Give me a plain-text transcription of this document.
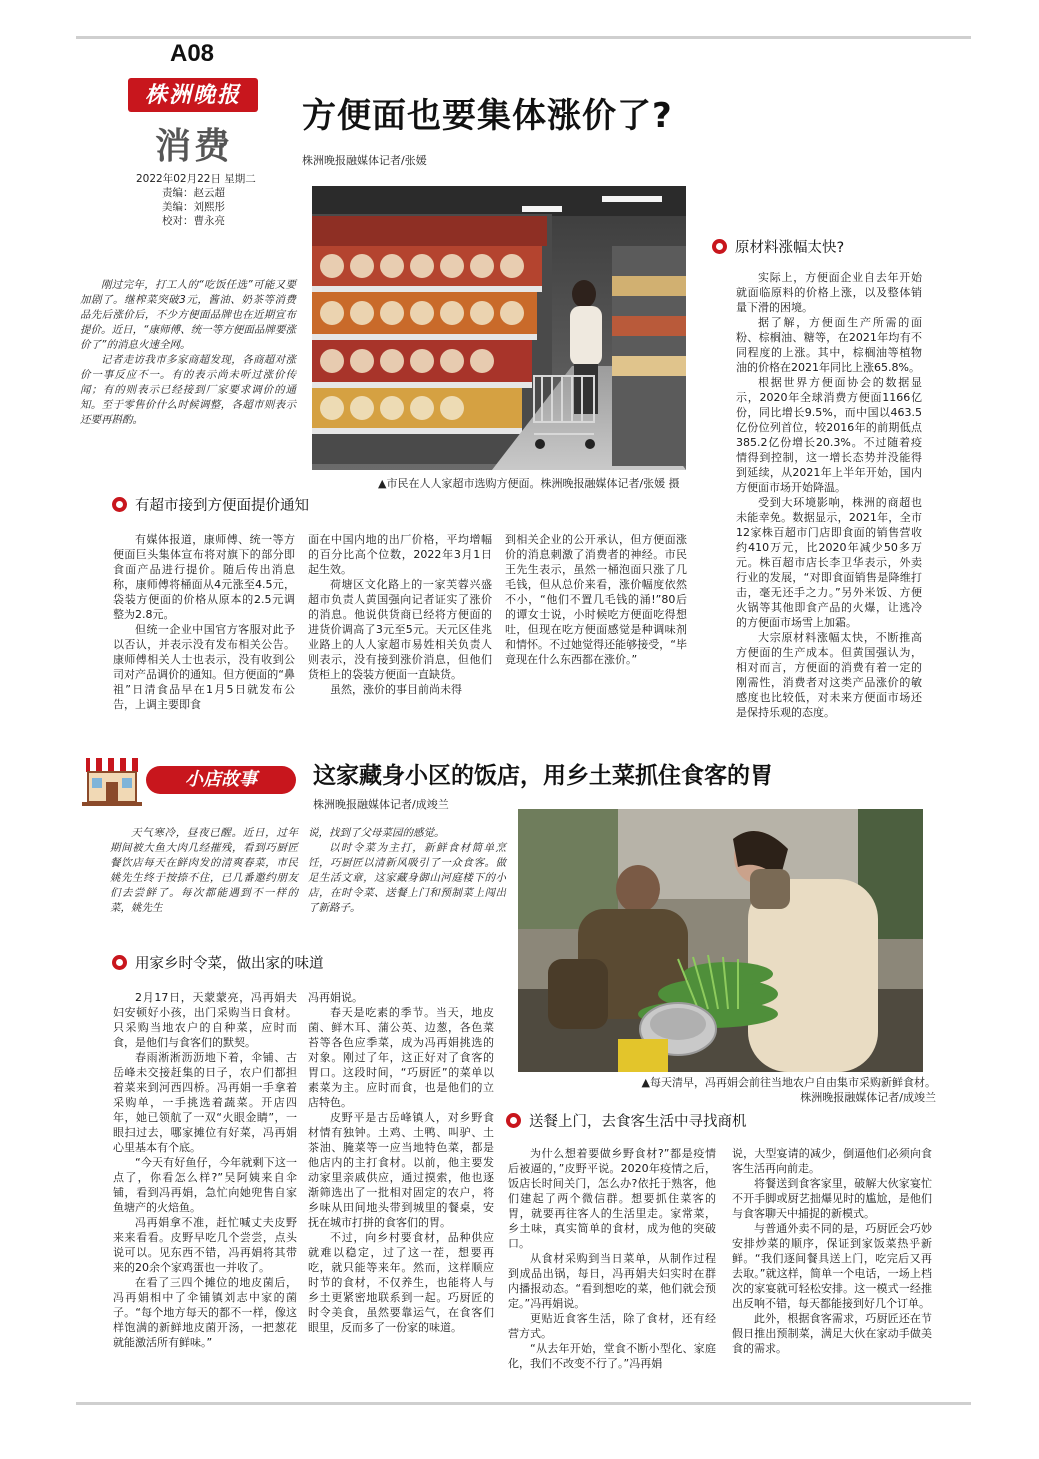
A08
株洲晚报
消费
2022年02月22日 星期二
责编：赵云超
美编：刘熙彤
校对：曹永亮
方便面也要集体涨价了?
株洲晚报融媒体记者/张媛

刚过完年，打工人的“吃饭任选”可能又要加剧了。继榨菜突破3元，酱油、奶茶等消费品先后涨价后，不少方便面品牌也在近期宣布提价。近日，“康师傅、统一等方便面品牌要涨价了”的消息火速全网。

记者走访我市多家商超发现，各商超对涨价一事反应不一。有的表示尚未听过涨价传闻；有的则表示已经接到厂家要求调价的通知。至于零售价什么时候调整，各超市则表示还要再斟酌。

▲市民在人人家超市选购方便面。株洲晚报融媒体记者/张媛 摄
有超市接到方便面提价通知

有媒体报道，康师傅、统一等方便面巨头集体宣布将对旗下的部分即食面产品进行提价。随后传出消息称，康师傅将桶面从4元涨至4.5元，袋装方便面的价格从原本的2.5元调整为2.8元。

但统一企业中国官方客服对此予以否认，并表示没有发布相关公告。康师傅相关人士也表示，没有收到公司对产品调价的通知。但方便面的“鼻祖”日清食品早在1月5日就发布公告，上调主要即食

面在中国内地的出厂价格，平均增幅的百分比高个位数，2022年3月1日起生效。

荷塘区文化路上的一家芙蓉兴盛超市负责人黄国强向记者证实了涨价的消息。他说供货商已经将方便面的进货价调高了3元至5元。天元区佳兆业路上的人人家超市易姓相关负责人则表示，没有接到涨价消息，但他们货柜上的袋装方便面一直缺货。

虽然，涨价的事目前尚未得

到相关企业的公开承认，但方便面涨价的消息刺激了消费者的神经。市民王先生表示，虽然一桶泡面只涨了几毛钱，但从总价来看，涨价幅度依然不小，“他们不置几毛钱的涌!”80后的谭女士说，小时候吃方便面吃得想吐，但现在吃方便面感觉是种调味剂和情怀。不过她觉得还能够接受，“毕竟现在什么东西都在涨价。”

原材料涨幅太快?

实际上，方便面企业自去年开始就面临原料的价格上涨，以及整体销量下滑的困境。

据了解，方便面生产所需的面粉、棕榈油、糖等，在2021年均有不同程度的上涨。其中，棕榈油等植物油的价格在2021年同比上涨65.8%。

根据世界方便面协会的数据显示，2020年全球消费方便面1166亿份，同比增长9.5%，而中国以463.5亿份位列首位，较2016年的前期低点385.2亿份增长20.3%。不过随着疫情得到控制，这一增长态势并没能得到延续，从2021年上半年开始，国内方便面市场开始降温。

受到大环境影响，株洲的商超也未能幸免。数据显示，2021年，全市12家株百超市门店即食面的销售营收约410万元，比2020年减少50多万元。株百超市店长李卫华表示，外卖行业的发展，“对即食面销售是降维打击，毫无还手之力。”另外米饭、方便火锅等其他即食产品的火爆，让逃冷的方便面市场雪上加霜。

大宗原材料涨幅太快，不断推高方便面的生产成本。但黄国强认为，相对而言，方便面的消费有着一定的刚需性，消费者对这类产品涨价的敏感度也比较低，对未来方便面市场还是保持乐观的态度。

小店故事	这家藏身小区的饭店，用乡土菜抓住食客的胃
株洲晚报融媒体记者/成竣兰

天气寒冷，昼夜已醒。近日，过年期间被大鱼大肉几经摧残，看到巧厨匠餐饮店每天在鲜肉发的清爽春菜，市民姚先生终于按捺不住，已几番邀约朋友们去尝鲜了。每次都能遇到不一样的菜，姚先生

说，找到了父母菜园的感觉。

以时令菜为主打，新鲜食材简单烹饪，巧厨匠以清新风吸引了一众食客。做足生活文章，这家藏身御山河庭楼下的小店，在时令菜、送餐上门和预制菜上闯出了新路子。

▲每天清早，冯再娟会前往当地农户自由集市采购新鲜食材。
株洲晚报融媒体记者/成竣兰
用家乡时令菜，做出家的味道

2月17日，天蒙蒙亮，冯再娟夫妇安顿好小孩，出门采购当日食材。只采购当地农户的自种菜，应时而食，是他们与食客们的默契。

春雨淅淅沥沥地下着，伞铺、古岳峰未交接赶集的日子，农户们都担着菜来到河西四桥。冯再娟一手拿着采购单，一手挑选着蔬菜。开店四年，她已领航了一双“火眼金睛”，一眼扫过去，哪家摊位有好菜，冯再娟心里基本有个底。

“今天有好鱼仔，今年就剩下这一点了，你看怎么样?”吴阿姨来自伞铺，看到冯再娟，急忙向她兜售自家鱼塘产的火焙鱼。

冯再娟拿不准，赶忙喊丈夫皮野来来看看。皮野早吃几个尝尝，点头说可以。见东西不错，冯再娟将其带来的20余个家鸡蛋也一并收了。

在看了三四个摊位的地皮菌后，冯再娟相中了伞铺镇刘志中家的菌子。“每个地方每天的都不一样，像这样饱满的新鲜地皮菌开汤，一把葱花就能激活所有鲜味。”

冯再娟说。

春天是吃素的季节。当天，地皮菌、鲜木耳、蒲公英、边葱，各色菜苔等各色应季菜，成为冯再娟挑选的对象。刚过了年，这正好对了食客的胃口。这段时间，“巧厨匠”的菜单以素菜为主。应时而食，也是他们的立店特色。

皮野平是古岳峰镇人，对乡野食材情有独钟。土鸡、土鸭、叫驴、土茶油、腌菜等一应当地特色菜，都是他店内的主打食材。以前，他主要发动家里亲戚供应，通过摸索，他也逐渐筛选出了一批相对固定的农户，将乡味从田间地头带到城里的餐桌，安抚在城市打拼的食客们的胃。

不过，向乡村要食材，品种供应就难以稳定，过了这一茬，想要再吃，就只能等来年。然而，这样顺应时节的食材，不仅养生，也能将人与乡土更紧密地联系到一起。巧厨匠的时令美食，虽然要靠运气，在食客们眼里，反而多了一份家的味道。

送餐上门，去食客生活中寻找商机

为什么想着要做乡野食材?”都是疫情后被逼的，”皮野平说。2020年疫情之后，饭店长时间关门，怎么办?依托于熟客，他们建起了两个微信群。想要抓住菜客的胃，就要再往客人的生活里走。家常菜，乡土味，真实简单的食材，成为他的突破口。

从食材采购到当日菜单，从制作过程到成品出锅，每日，冯再娟夫妇实时在群内播报动态。“看到想吃的菜，他们就会预定。”冯再娟说。

更贴近食客生活，除了食材，还有经营方式。

“从去年开始，堂食不断小型化、家庭化，我们不改变不行了。”冯再娟

说，大型宴请的减少，倒逼他们必须向食客生活再向前走。

将餐送到食客家里，破解大伙家宴忙不开手脚或厨艺拙爆见时的尴尬，是他们与食客聊天中捕捉的新模式。

与普通外卖不同的是，巧厨匠会巧妙安排炒菜的顺序，保证到家饭菜热乎新鲜。“我们逐间餐具送上门，吃完后又再去取。”就这样，简单一个电话，一场上档次的家宴就可轻松安排。这一模式一经推出反响不错，每天都能接到好几个订单。

此外，根据食客需求，巧厨匠还在节假日推出预制菜，满足大伙在家动手做美食的需求。
